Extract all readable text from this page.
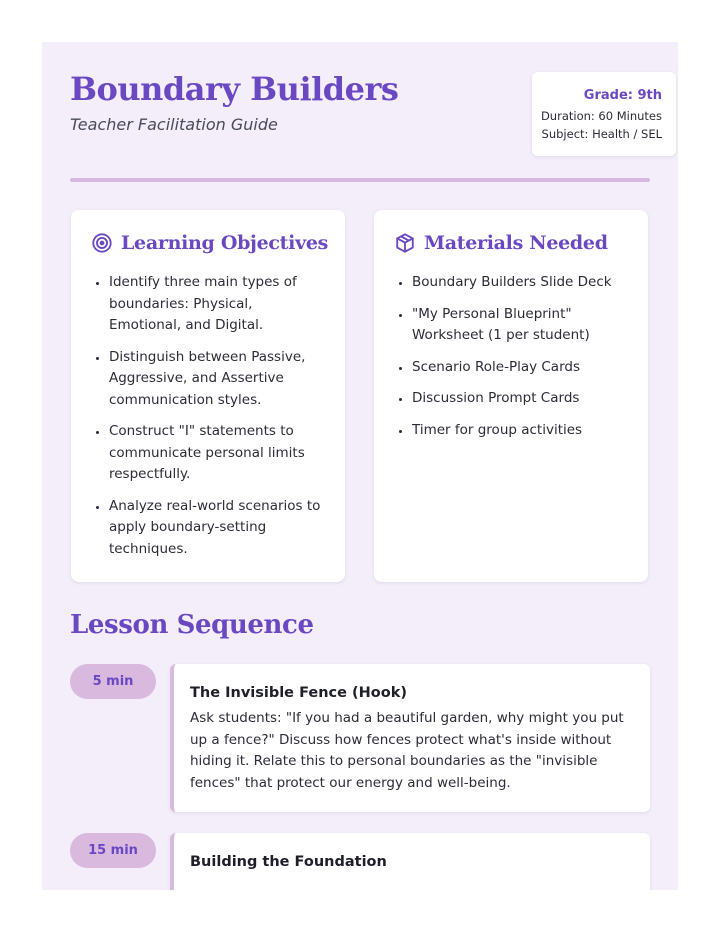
Boundary Builders
Teacher Facilitation Guide
Grade: 9th
Duration: 60 Minutes
Subject: Health / SEL
Learning Objectives
• Identify three main types of boundaries: Physical, Emotional, and Digital.
• Distinguish between Passive, Aggressive, and Assertive communication styles.
• Construct "I" statements to communicate personal limits respectfully.
• Analyze real-world scenarios to apply boundary-setting techniques.
Materials Needed
• Boundary Builders Slide Deck
• "My Personal Blueprint" Worksheet (1 per student)
• Scenario Role-Play Cards
• Discussion Prompt Cards
• Timer for group activities
Lesson Sequence
5 min
The Invisible Fence (Hook)
Ask students: "If you had a beautiful garden, why might you put up a fence?" Discuss how fences protect what's inside without hiding it. Relate this to personal boundaries as the "invisible fences" that protect our energy and well-being.
15 min
Building the Foundation
